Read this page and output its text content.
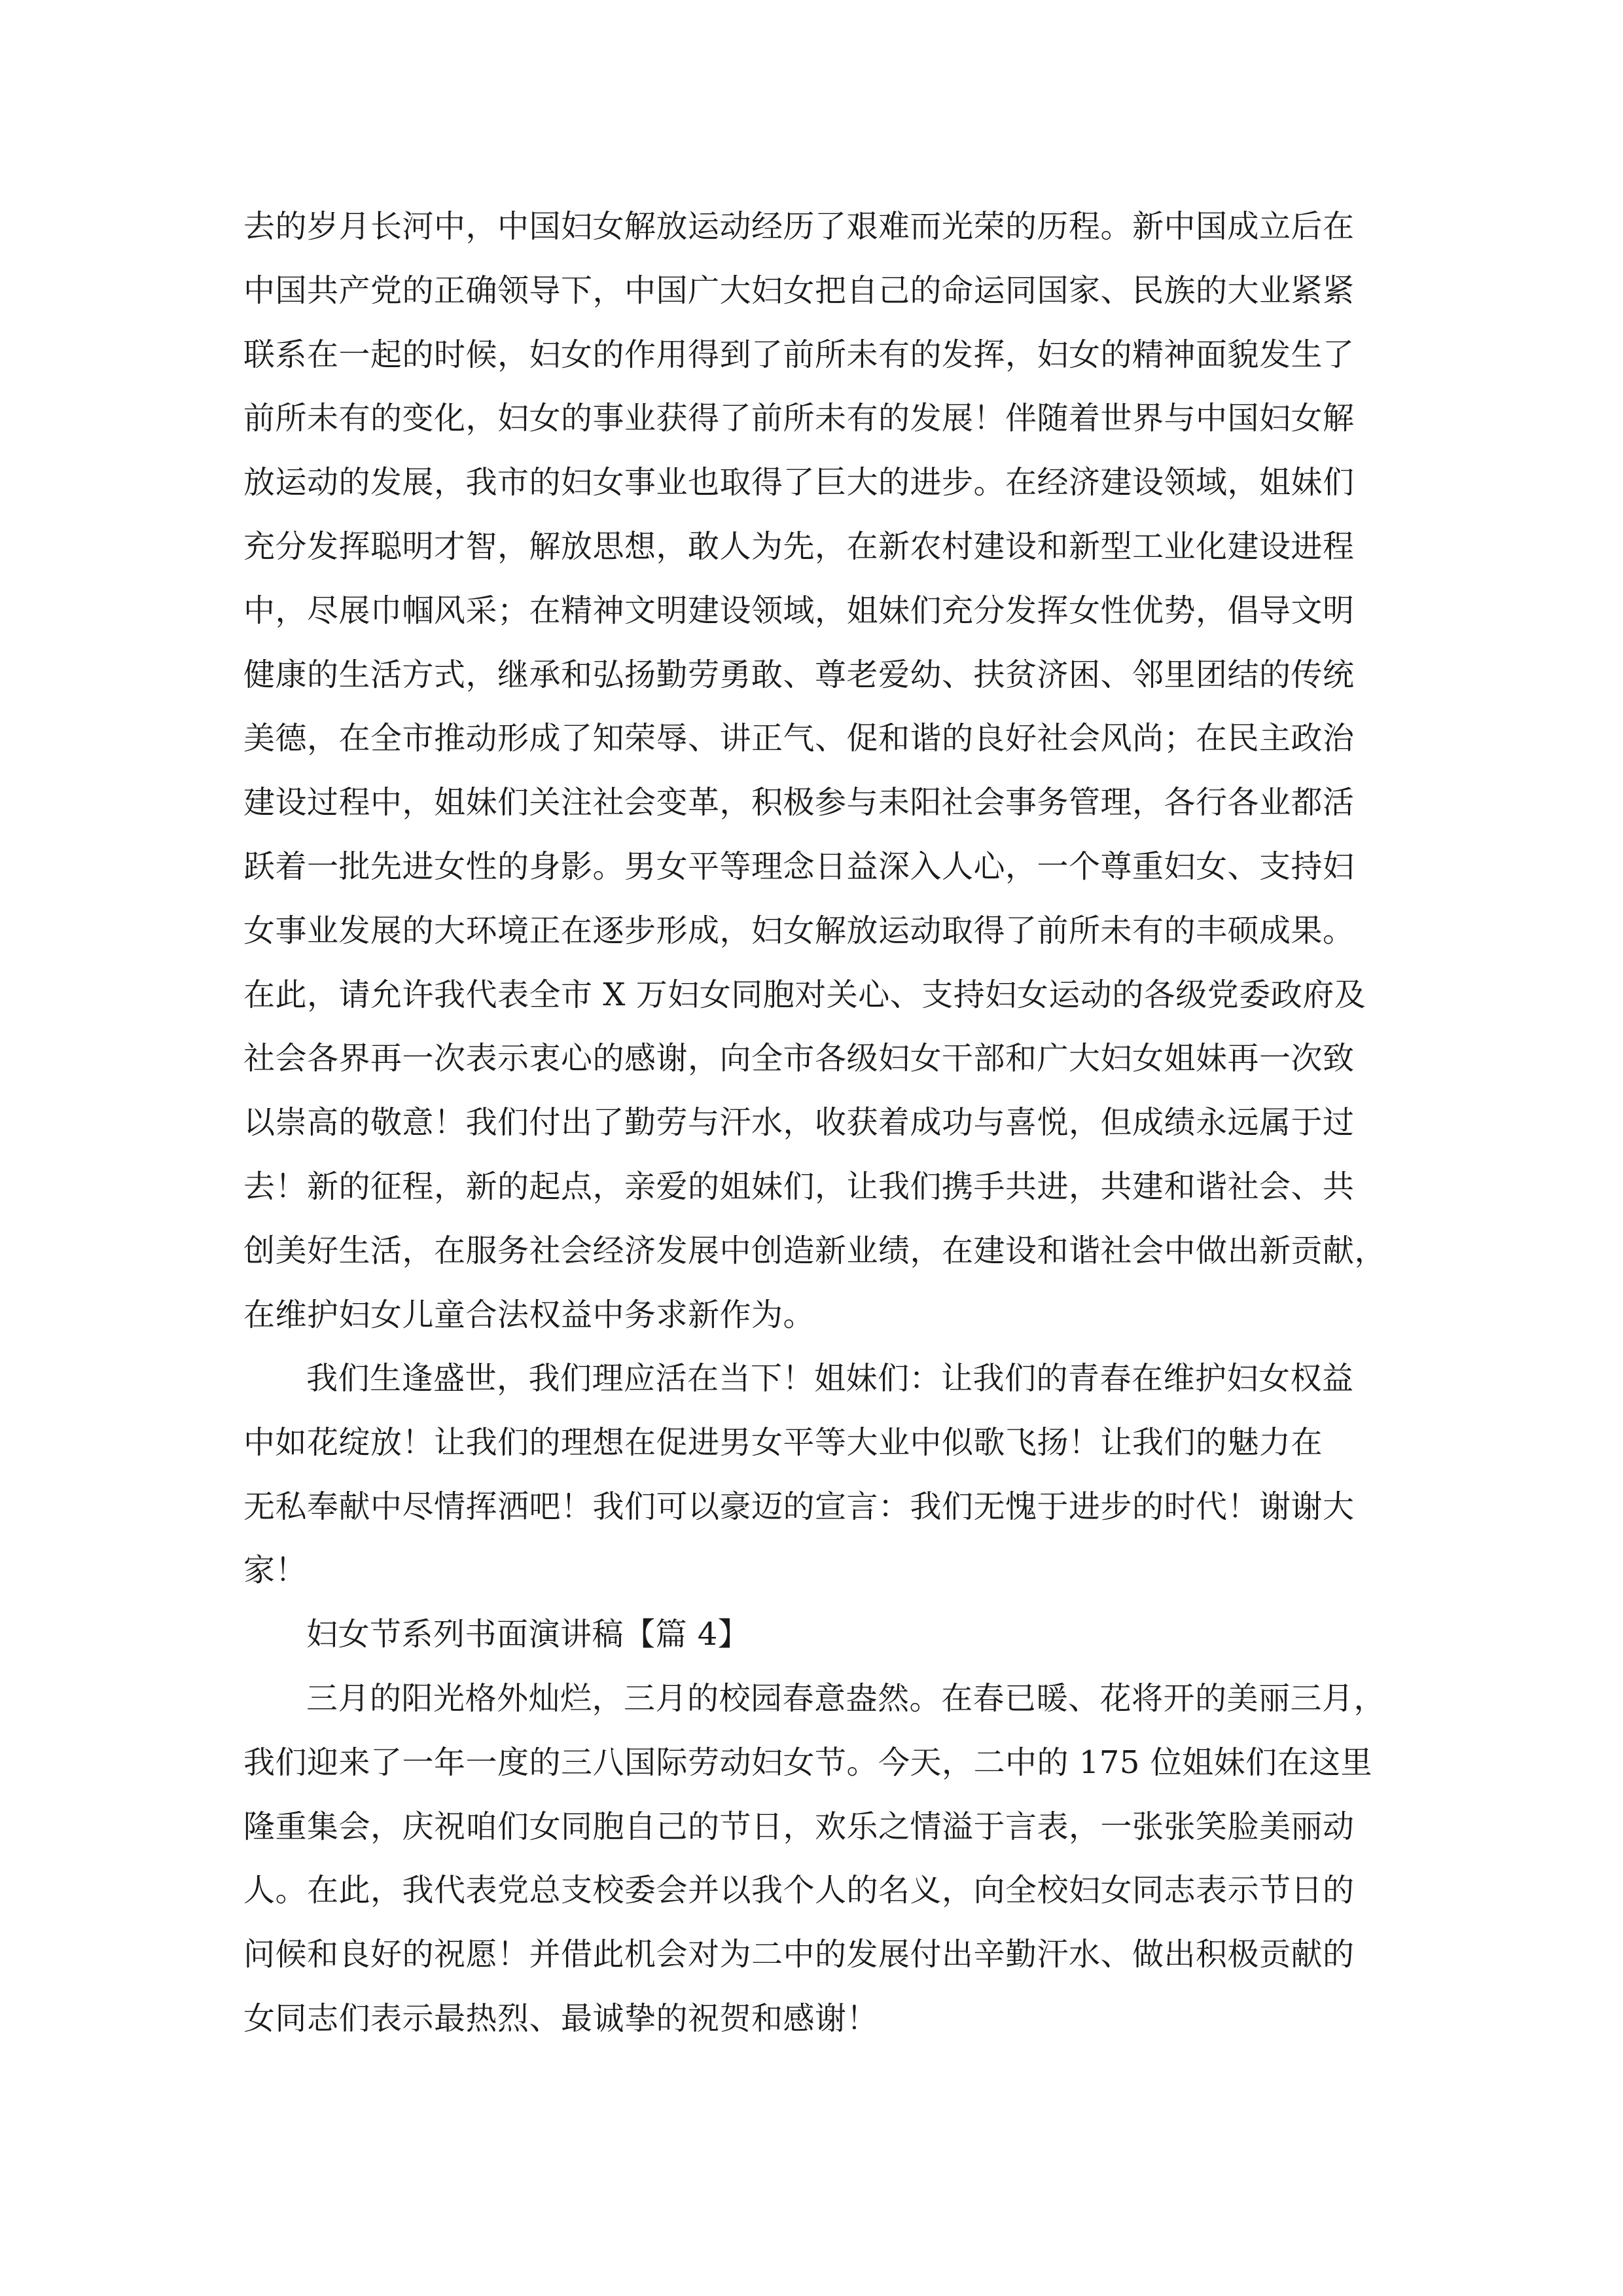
去的岁月长河中，中国妇女解放运动经历了艰难而光荣的历程。新中国成立后在
中国共产党的正确领导下，中国广大妇女把自己的命运同国家、民族的大业紧紧
联系在一起的时候，妇女的作用得到了前所未有的发挥，妇女的精神面貌发生了
前所未有的变化，妇女的事业获得了前所未有的发展！伴随着世界与中国妇女解
放运动的发展，我市的妇女事业也取得了巨大的进步。在经济建设领域，姐妹们
充分发挥聪明才智，解放思想，敢人为先，在新农村建设和新型工业化建设进程
中，尽展巾帼风采；在精神文明建设领域，姐妹们充分发挥女性优势，倡导文明
健康的生活方式，继承和弘扬勤劳勇敢、尊老爱幼、扶贫济困、邻里团结的传统
美德，在全市推动形成了知荣辱、讲正气、促和谐的良好社会风尚；在民主政治
建设过程中，姐妹们关注社会变革，积极参与耒阳社会事务管理，各行各业都活
跃着一批先进女性的身影。男女平等理念日益深入人心，一个尊重妇女、支持妇
女事业发展的大环境正在逐步形成，妇女解放运动取得了前所未有的丰硕成果。
在此，请允许我代表全市 X 万妇女同胞对关心、支持妇女运动的各级党委政府及
社会各界再一次表示衷心的感谢，向全市各级妇女干部和广大妇女姐妹再一次致
以崇高的敬意！我们付出了勤劳与汗水，收获着成功与喜悦，但成绩永远属于过
去！新的征程，新的起点，亲爱的姐妹们，让我们携手共进，共建和谐社会、共
创美好生活，在服务社会经济发展中创造新业绩，在建设和谐社会中做出新贡献，
在维护妇女儿童合法权益中务求新作为。
我们生逢盛世，我们理应活在当下！姐妹们：让我们的青春在维护妇女权益
中如花绽放！让我们的理想在促进男女平等大业中似歌飞扬！让我们的魅力在
无私奉献中尽情挥洒吧！我们可以豪迈的宣言：我们无愧于进步的时代！谢谢大
家！
妇女节系列书面演讲稿【篇 4】
三月的阳光格外灿烂，三月的校园春意盎然。在春已暖、花将开的美丽三月，
我们迎来了一年一度的三八国际劳动妇女节。今天，二中的 175 位姐妹们在这里
隆重集会，庆祝咱们女同胞自己的节日，欢乐之情溢于言表，一张张笑脸美丽动
人。在此，我代表党总支校委会并以我个人的名义，向全校妇女同志表示节日的
问候和良好的祝愿！并借此机会对为二中的发展付出辛勤汗水、做出积极贡献的
女同志们表示最热烈、最诚挚的祝贺和感谢！
